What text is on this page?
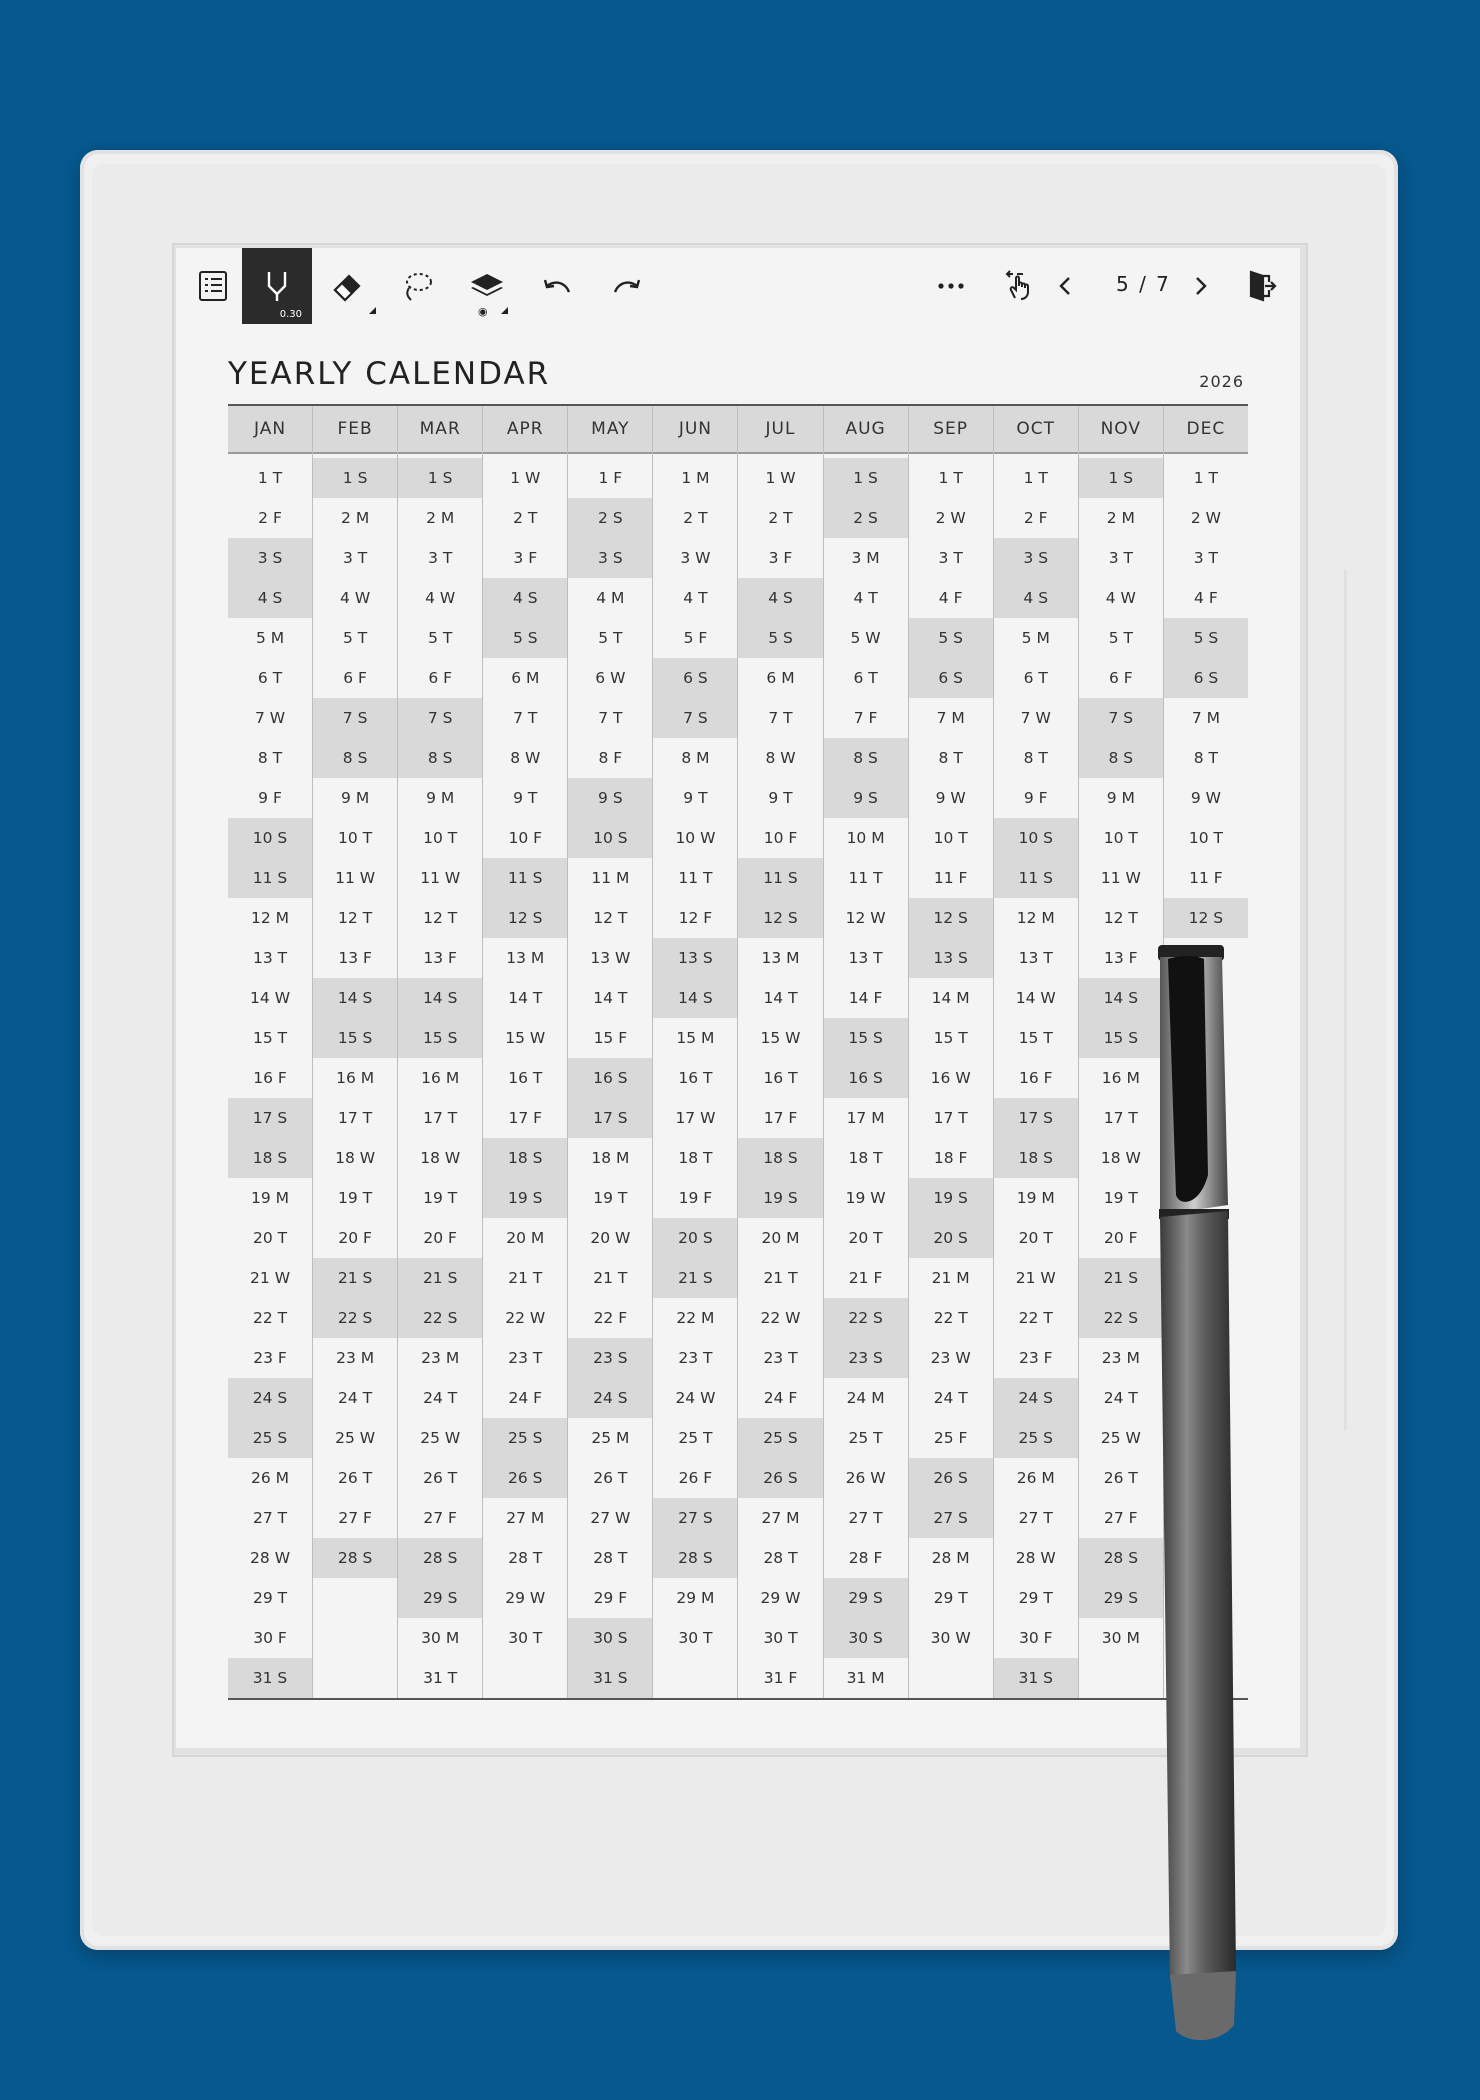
0.30	◉
5 / 7
YEARLY CALENDAR	2026
JAN
1 T
2 F
3 S
4 S
5 M
6 T
7 W
8 T
9 F
10 S
11 S
12 M
13 T
14 W
15 T
16 F
17 S
18 S
19 M
20 T
21 W
22 T
23 F
24 S
25 S
26 M
27 T
28 W
29 T
30 F
31 S
FEB
1 S
2 M
3 T
4 W
5 T
6 F
7 S
8 S
9 M
10 T
11 W
12 T
13 F
14 S
15 S
16 M
17 T
18 W
19 T
20 F
21 S
22 S
23 M
24 T
25 W
26 T
27 F
28 S
MAR
1 S
2 M
3 T
4 W
5 T
6 F
7 S
8 S
9 M
10 T
11 W
12 T
13 F
14 S
15 S
16 M
17 T
18 W
19 T
20 F
21 S
22 S
23 M
24 T
25 W
26 T
27 F
28 S
29 S
30 M
31 T
APR
1 W
2 T
3 F
4 S
5 S
6 M
7 T
8 W
9 T
10 F
11 S
12 S
13 M
14 T
15 W
16 T
17 F
18 S
19 S
20 M
21 T
22 W
23 T
24 F
25 S
26 S
27 M
28 T
29 W
30 T
MAY
1 F
2 S
3 S
4 M
5 T
6 W
7 T
8 F
9 S
10 S
11 M
12 T
13 W
14 T
15 F
16 S
17 S
18 M
19 T
20 W
21 T
22 F
23 S
24 S
25 M
26 T
27 W
28 T
29 F
30 S
31 S
JUN
1 M
2 T
3 W
4 T
5 F
6 S
7 S
8 M
9 T
10 W
11 T
12 F
13 S
14 S
15 M
16 T
17 W
18 T
19 F
20 S
21 S
22 M
23 T
24 W
25 T
26 F
27 S
28 S
29 M
30 T
JUL
1 W
2 T
3 F
4 S
5 S
6 M
7 T
8 W
9 T
10 F
11 S
12 S
13 M
14 T
15 W
16 T
17 F
18 S
19 S
20 M
21 T
22 W
23 T
24 F
25 S
26 S
27 M
28 T
29 W
30 T
31 F
AUG
1 S
2 S
3 M
4 T
5 W
6 T
7 F
8 S
9 S
10 M
11 T
12 W
13 T
14 F
15 S
16 S
17 M
18 T
19 W
20 T
21 F
22 S
23 S
24 M
25 T
26 W
27 T
28 F
29 S
30 S
31 M
SEP
1 T
2 W
3 T
4 F
5 S
6 S
7 M
8 T
9 W
10 T
11 F
12 S
13 S
14 M
15 T
16 W
17 T
18 F
19 S
20 S
21 M
22 T
23 W
24 T
25 F
26 S
27 S
28 M
29 T
30 W
OCT
1 T
2 F
3 S
4 S
5 M
6 T
7 W
8 T
9 F
10 S
11 S
12 M
13 T
14 W
15 T
16 F
17 S
18 S
19 M
20 T
21 W
22 T
23 F
24 S
25 S
26 M
27 T
28 W
29 T
30 F
31 S
NOV
1 S
2 M
3 T
4 W
5 T
6 F
7 S
8 S
9 M
10 T
11 W
12 T
13 F
14 S
15 S
16 M
17 T
18 W
19 T
20 F
21 S
22 S
23 M
24 T
25 W
26 T
27 F
28 S
29 S
30 M
DEC
1 T
2 W
3 T
4 F
5 S
6 S
7 M
8 T
9 W
10 T
11 F
12 S
